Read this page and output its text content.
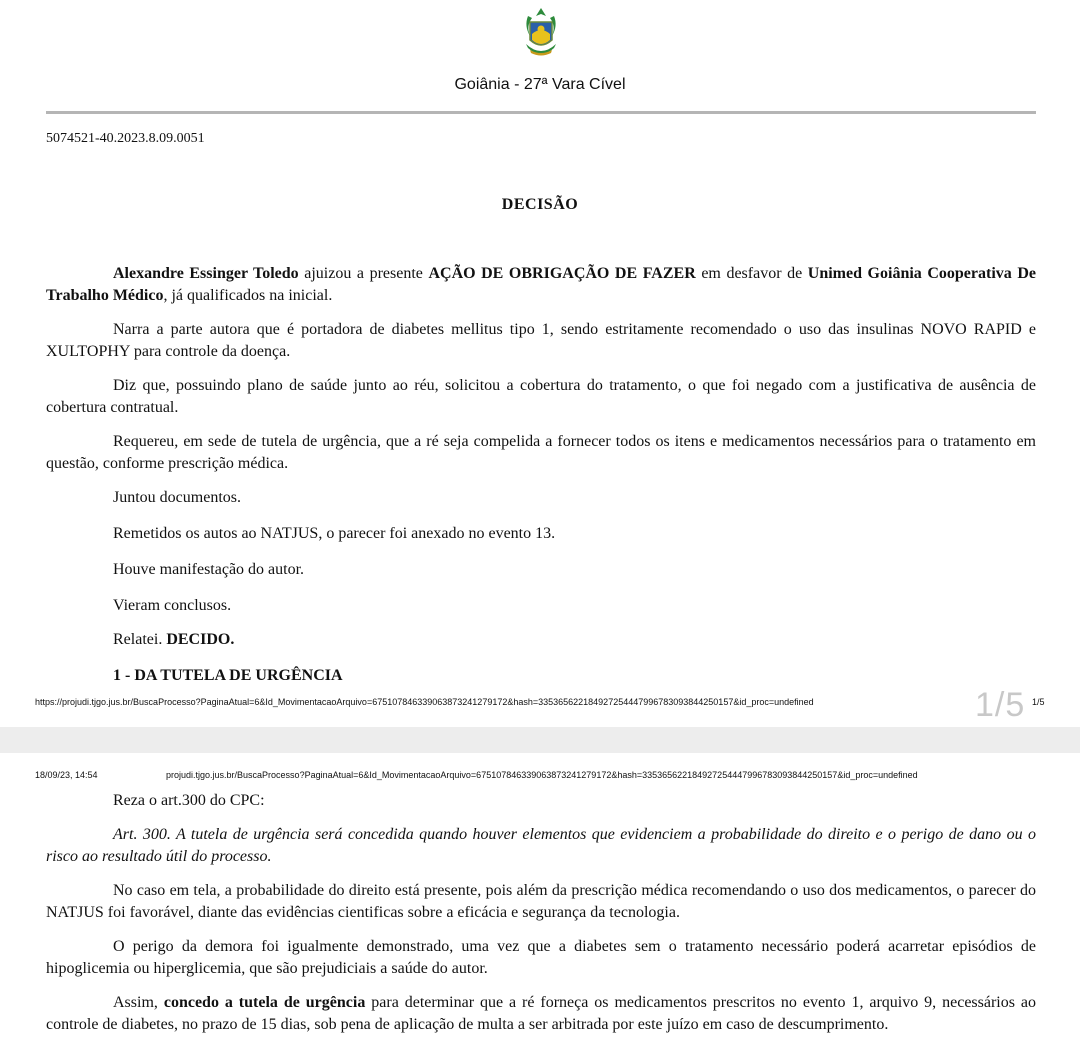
Goiânia - 27ª Vara Cível
5074521-40.2023.8.09.0051
DECISÃO
Alexandre Essinger Toledo ajuizou a presente AÇÃO DE OBRIGAÇÃO DE FAZER em desfavor de Unimed Goiânia Cooperativa De Trabalho Médico, já qualificados na inicial.
Narra a parte autora que é portadora de diabetes mellitus tipo 1, sendo estritamente recomendado o uso das insulinas NOVO RAPID e XULTOPHY para controle da doença.
Diz que, possuindo plano de saúde junto ao réu, solicitou a cobertura do tratamento, o que foi negado com a justificativa de ausência de cobertura contratual.
Requereu, em sede de tutela de urgência, que a ré seja compelida a fornecer todos os itens e medicamentos necessários para o tratamento em questão, conforme prescrição médica.
Juntou documentos.
Remetidos os autos ao NATJUS, o parecer foi anexado no evento 13.
Houve manifestação do autor.
Vieram conclusos.
Relatei. DECIDO.
1 - DA TUTELA DE URGÊNCIA
https://projudi.tjgo.jus.br/BuscaProcesso?PaginaAtual=6&Id_MovimentacaoArquivo=675107846339063873241279172&hash=335365622184927254447996783093844250157&id_proc=undefined	1/5 1/5
18/09/23, 14:54	projudi.tjgo.jus.br/BuscaProcesso?PaginaAtual=6&Id_MovimentacaoArquivo=675107846339063873241279172&hash=335365622184927254447996783093844250157&id_proc=undefined
Reza o art.300 do CPC:
Art. 300. A tutela de urgência será concedida quando houver elementos que evidenciem a probabilidade do direito e o perigo de dano ou o risco ao resultado útil do processo.
No caso em tela, a probabilidade do direito está presente, pois além da prescrição médica recomendando o uso dos medicamentos, o parecer do NATJUS foi favorável, diante das evidências cientificas sobre a eficácia e segurança da tecnologia.
O perigo da demora foi igualmente demonstrado, uma vez que a diabetes sem o tratamento necessário poderá acarretar episódios de hipoglicemia ou hiperglicemia, que são prejudiciais a saúde do autor.
Assim, concedo a tutela de urgência para determinar que a ré forneça os medicamentos prescritos no evento 1, arquivo 9, necessários ao controle de diabetes, no prazo de 15 dias, sob pena de aplicação de multa a ser arbitrada por este juízo em caso de descumprimento.
